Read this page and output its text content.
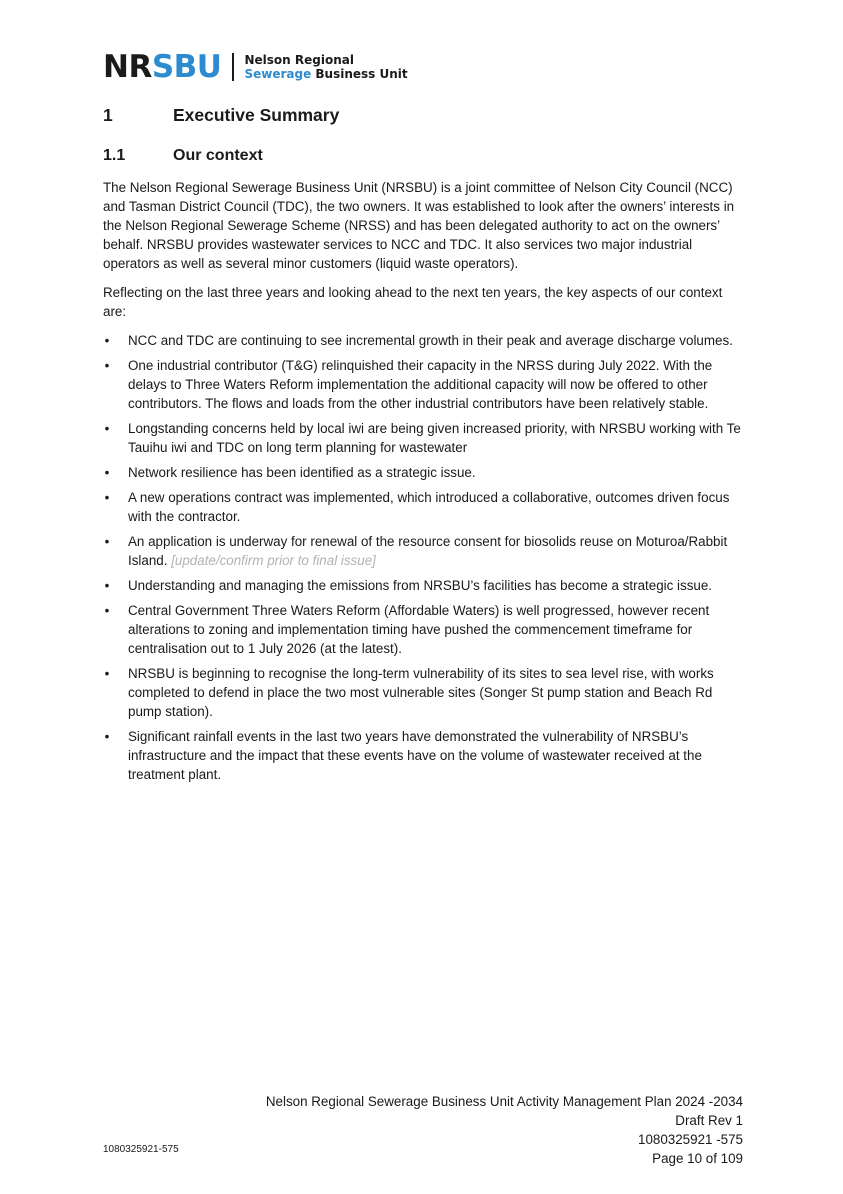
NRSBU Nelson Regional
Sewerage Business Unit
1	Executive Summary
1.1	Our context

The Nelson Regional Sewerage Business Unit (NRSBU) is a joint committee of Nelson City Council (NCC) and Tasman District Council (TDC), the two owners. It was established to look after the owners’ interests in the Nelson Regional Sewerage Scheme (NRSS) and has been delegated authority to act on the owners’ behalf. NRSBU provides wastewater services to NCC and TDC. It also services two major industrial operators as well as several minor customers (liquid waste operators).

Reflecting on the last three years and looking ahead to the next ten years, the key aspects of our context are:

• NCC and TDC are continuing to see incremental growth in their peak and average discharge volumes.
• One industrial contributor (T&G) relinquished their capacity in the NRSS during July 2022. With the delays to Three Waters Reform implementation the additional capacity will now be offered to other contributors. The flows and loads from the other industrial contributors have been relatively stable.
• Longstanding concerns held by local iwi are being given increased priority, with NRSBU working with Te Tauihu iwi and TDC on long term planning for wastewater
• Network resilience has been identified as a strategic issue.
• A new operations contract was implemented, which introduced a collaborative, outcomes driven focus with the contractor.
• An application is underway for renewal of the resource consent for biosolids reuse on Moturoa/Rabbit Island. [update/confirm prior to final issue]
• Understanding and managing the emissions from NRSBU’s facilities has become a strategic issue.
• Central Government Three Waters Reform (Affordable Waters) is well progressed, however recent alterations to zoning and implementation timing have pushed the commencement timeframe for centralisation out to 1 July 2026 (at the latest).
• NRSBU is beginning to recognise the long-term vulnerability of its sites to sea level rise, with works completed to defend in place the two most vulnerable sites (Songer St pump station and Beach Rd pump station).
• Significant rainfall events in the last two years have demonstrated the vulnerability of NRSBU’s infrastructure and the impact that these events have on the volume of wastewater received at the treatment plant.
1080325921-575
Nelson Regional Sewerage Business Unit Activity Management Plan 2024 -2034
Draft Rev 1
1080325921 -575
Page 10 of 109
